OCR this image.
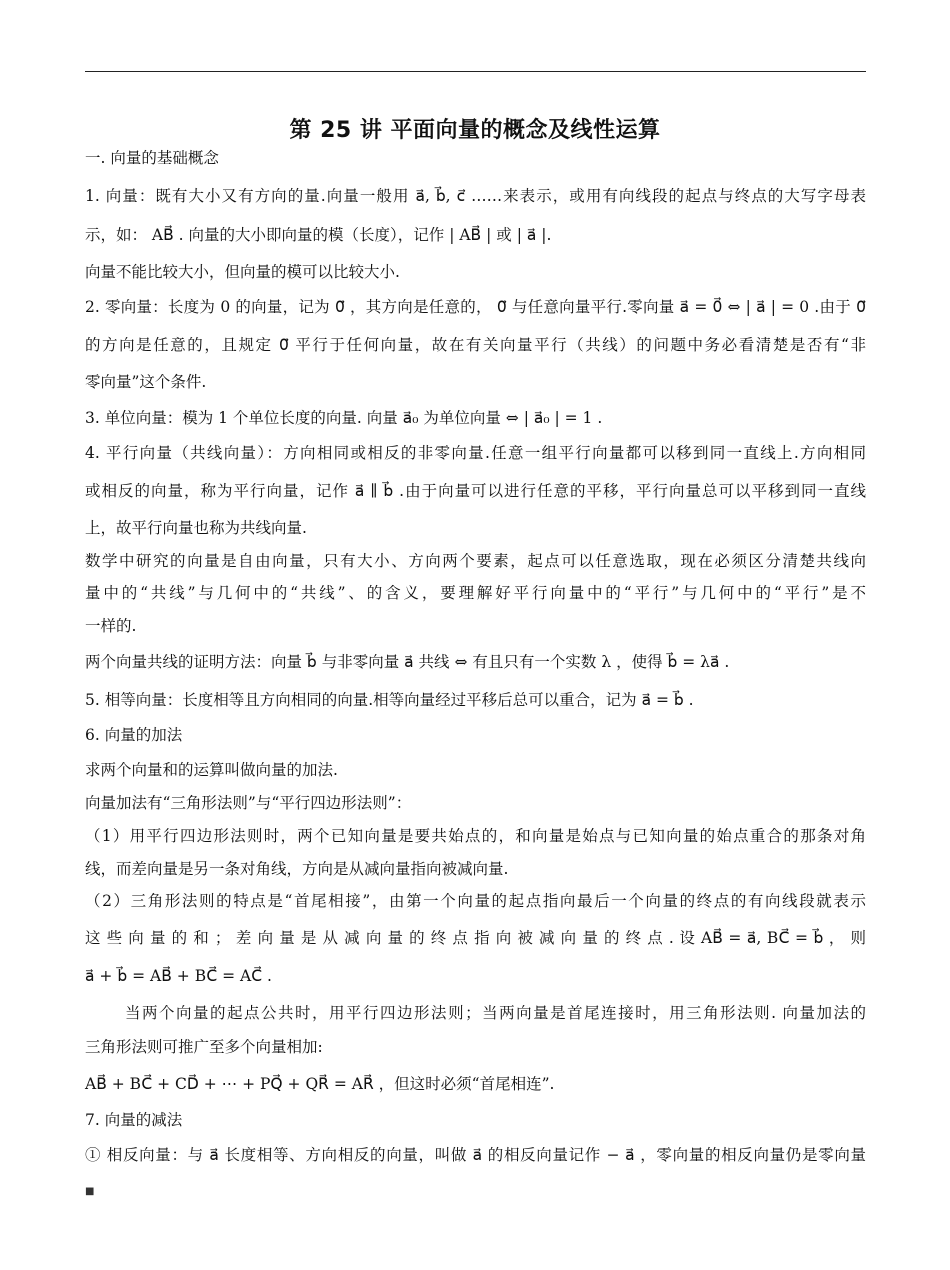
第 25 讲 平面向量的概念及线性运算
一. 向量的基础概念
1. 向量：既有大小又有方向的量.向量一般用 a⃗, b⃗, c⃗ ……来表示，或用有向线段的起点与终点的大写字母表
示，如： AB⃗ . 向量的大小即向量的模（长度），记作 | AB⃗ | 或 | a⃗ |.
向量不能比较大小，但向量的模可以比较大小.
2. 零向量：长度为 0 的向量，记为 0⃗ ，其方向是任意的， 0⃗ 与任意向量平行.零向量 a⃗ = 0⃗ ⇔ | a⃗ | = 0 .由于 0⃗
的方向是任意的，且规定 0⃗ 平行于任何向量，故在有关向量平行（共线）的问题中务必看清楚是否有“非
零向量”这个条件.
3. 单位向量：模为 1 个单位长度的向量. 向量 a⃗₀ 为单位向量 ⇔ | a⃗₀ | = 1 .
4. 平行向量（共线向量）：方向相同或相反的非零向量.任意一组平行向量都可以移到同一直线上.方向相同
或相反的向量，称为平行向量，记作 a⃗ ∥ b⃗ .由于向量可以进行任意的平移，平行向量总可以平移到同一直线
上，故平行向量也称为共线向量.
数学中研究的向量是自由向量，只有大小、方向两个要素，起点可以任意选取，现在必须区分清楚共线向
量中的“共线”与几何中的“共线”、的含义，要理解好平行向量中的“平行”与几何中的“平行”是不
一样的.
两个向量共线的证明方法：向量 b⃗ 与非零向量 a⃗ 共线 ⇔ 有且只有一个实数 λ ，使得 b⃗ = λa⃗ .
5. 相等向量：长度相等且方向相同的向量.相等向量经过平移后总可以重合，记为 a⃗ = b⃗ .
6. 向量的加法
求两个向量和的运算叫做向量的加法.
向量加法有“三角形法则”与“平行四边形法则”：
（1）用平行四边形法则时，两个已知向量是要共始点的，和向量是始点与已知向量的始点重合的那条对角
线，而差向量是另一条对角线，方向是从减向量指向被减向量.
（2）三角形法则的特点是“首尾相接”，由第一个向量的起点指向最后一个向量的终点的有向线段就表示
这 些 向 量 的 和 ； 差 向 量 是 从 减 向 量 的 终 点 指 向 被 减 向 量 的 终 点 . 设 AB⃗ = a⃗, BC⃗ = b⃗ ， 则
a⃗ + b⃗ = AB⃗ + BC⃗ = AC⃗ .
当两个向量的起点公共时，用平行四边形法则；当两向量是首尾连接时，用三角形法则. 向量加法的
三角形法则可推广至多个向量相加:
AB⃗ + BC⃗ + CD⃗ + ⋯ + PQ⃗ + QR⃗ = AR⃗ ，但这时必须“首尾相连”.
7. 向量的减法
① 相反向量：与 a⃗ 长度相等、方向相反的向量，叫做 a⃗ 的相反向量记作 − a⃗ ，零向量的相反向量仍是零向量
■
